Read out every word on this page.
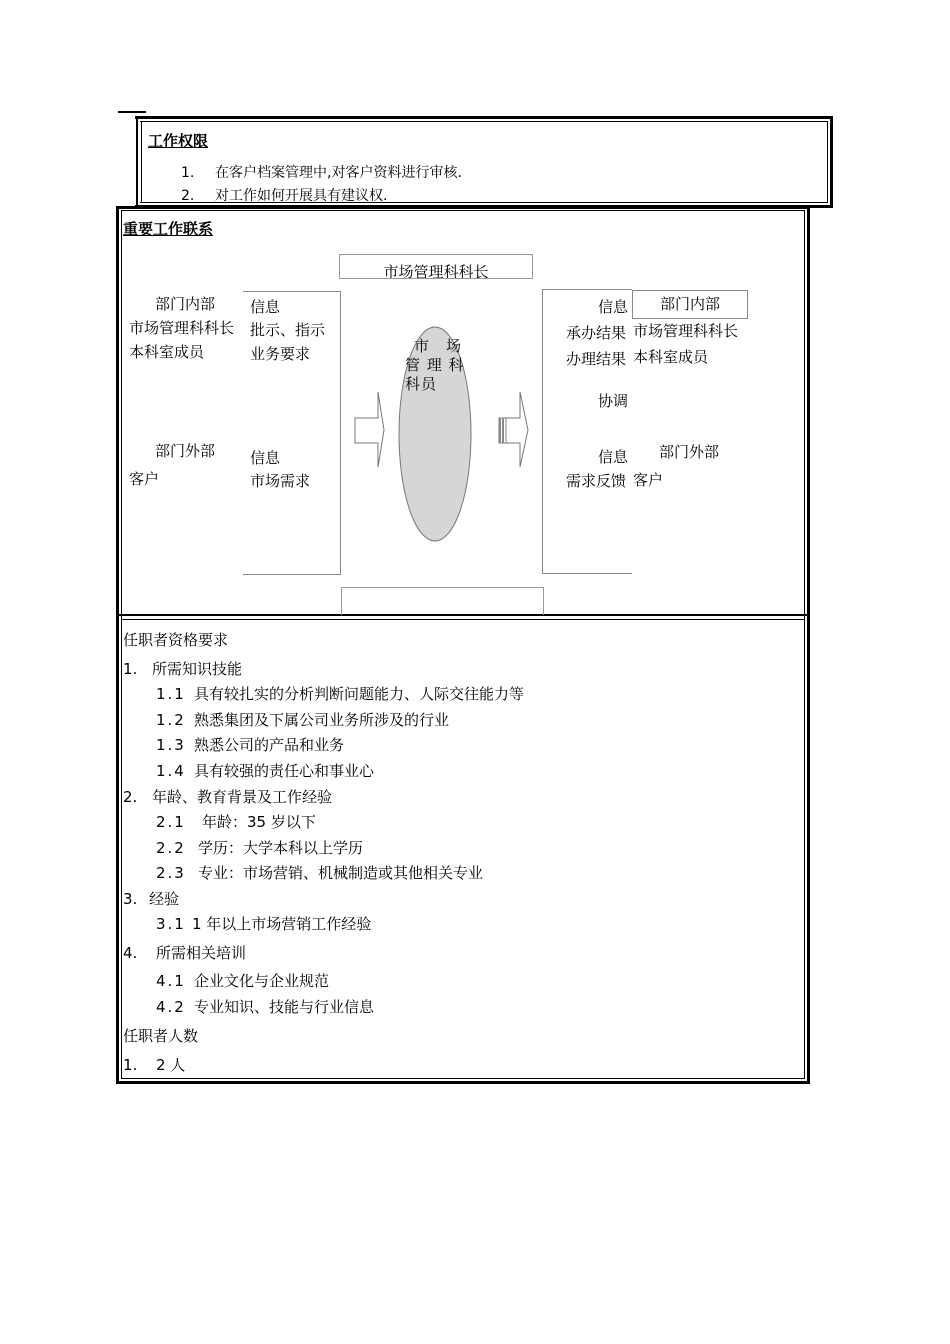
工作权限
1. 在客户档案管理中,对客户资料进行审核.
2. 对工作如何开展具有建议权.
重要工作联系
市场管理科科长
市　场
管 理 科
科员
部门内部
市场管理科科长
本科室成员
信息
批示、指示
业务要求
部门外部
客户
信息
市场需求
部门内部
信息
承办结果
办理结果
市场管理科科长
本科室成员
协调
信息
需求反馈
部门外部
客户
任职者资格要求
1. 所需知识技能
1.1 具有较扎实的分析判断问题能力、人际交往能力等
1.2 熟悉集团及下属公司业务所涉及的行业
1.3 熟悉公司的产品和业务
1.4 具有较强的责任心和事业心
2. 年龄、教育背景及工作经验
2.1 年龄：35 岁以下
2.2 学历：大学本科以上学历
2.3 专业：市场营销、机械制造或其他相关专业
3. 经验
3.1 1 年以上市场营销工作经验
4. 所需相关培训
4.1 企业文化与企业规范
4.2 专业知识、技能与行业信息
任职者人数
1. 2 人
